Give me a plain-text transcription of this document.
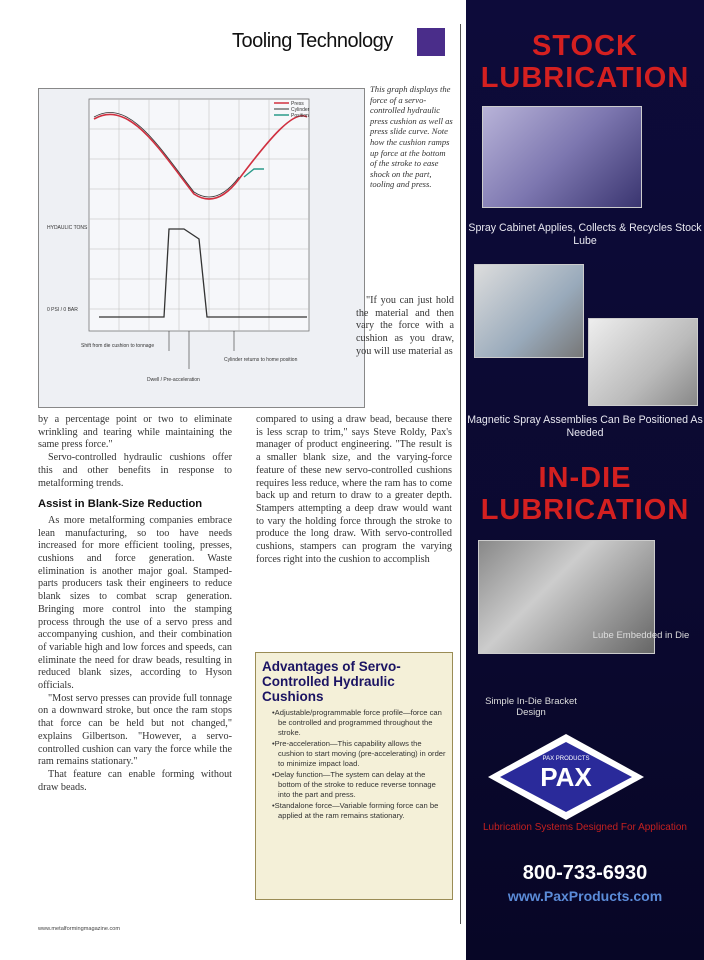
Tooling Technology
Press
Cylinder
Position
HYDAULIC TONS
0 PSI / 0 BAR
Shift from die cushion to tonnage
Dwell / Pre-acceleration
Cylinder returns to home position
This graph displays the force of a servo-controlled hydraulic press cushion as well as press slide curve. Note how the cushion ramps up force at the bottom of the stroke to ease shock on the part, tooling and press.

"If you can just hold the material and then vary the force with a cushion as you draw, you will use material as

compared to using a draw bead, because there is less scrap to trim," says Steve Roldy, Pax's manager of product engineering. "The result is a smaller blank size, and the varying-force feature of these new servo-controlled cushions requires less reduce, where the ram has to come back up and return to draw to a greater depth. Stampers attempting a deep draw would want to vary the holding force through the stroke to produce the long draw. With servo-controlled cushions, stampers can program the varying forces right into the cushion to accomplish

by a percentage point or two to eliminate wrinkling and tearing while maintaining the same press force."

Servo-controlled hydraulic cushions offer this and other benefits in response to metalforming trends.

Assist in Blank-Size Reduction

As more metalforming companies embrace lean manufacturing, so too have needs increased for more efficient tooling, presses, cushions and force generation. Waste elimination is another major goal. Stamped-parts producers task their engineers to reduce blank sizes to combat scrap generation. Bringing more control into the stamping process through the use of a servo press and accompanying cushion, and their combination of variable high and low forces and speeds, can eliminate the need for draw beads, resulting in reduced blank sizes, according to Hyson officials.

"Most servo presses can provide full tonnage on a downward stroke, but once the ram stops that force can be held but not changed," explains Gilbertson. "However, a servo-controlled cushion can vary the force while the ram remains stationary."

That feature can enable forming without draw beads.

Advantages of Servo-Controlled Hydraulic Cushions
• Adjustable/programmable force profile—force can be controlled and programmed throughout the stroke.
• Pre-acceleration—This capability allows the cushion to start moving (pre-accelerating) in order to minimize impact load.
• Delay function—The system can delay at the bottom of the stroke to reduce reverse tonnage into the part and press.
• Standalone force—Variable forming force can be applied at the ram remains stationary.
www.metalformingmagazine.com
STOCK LUBRICATION
Spray Cabinet Applies, Collects & Recycles Stock Lube
Magnetic Spray Assemblies Can Be Positioned As Needed
IN-DIE LUBRICATION
Lube Embedded in Die
Simple In-Die Bracket Design
PAX
PAX PRODUCTS
Lubrication Systems Designed For Application
800-733-6930
www.PaxProducts.com
